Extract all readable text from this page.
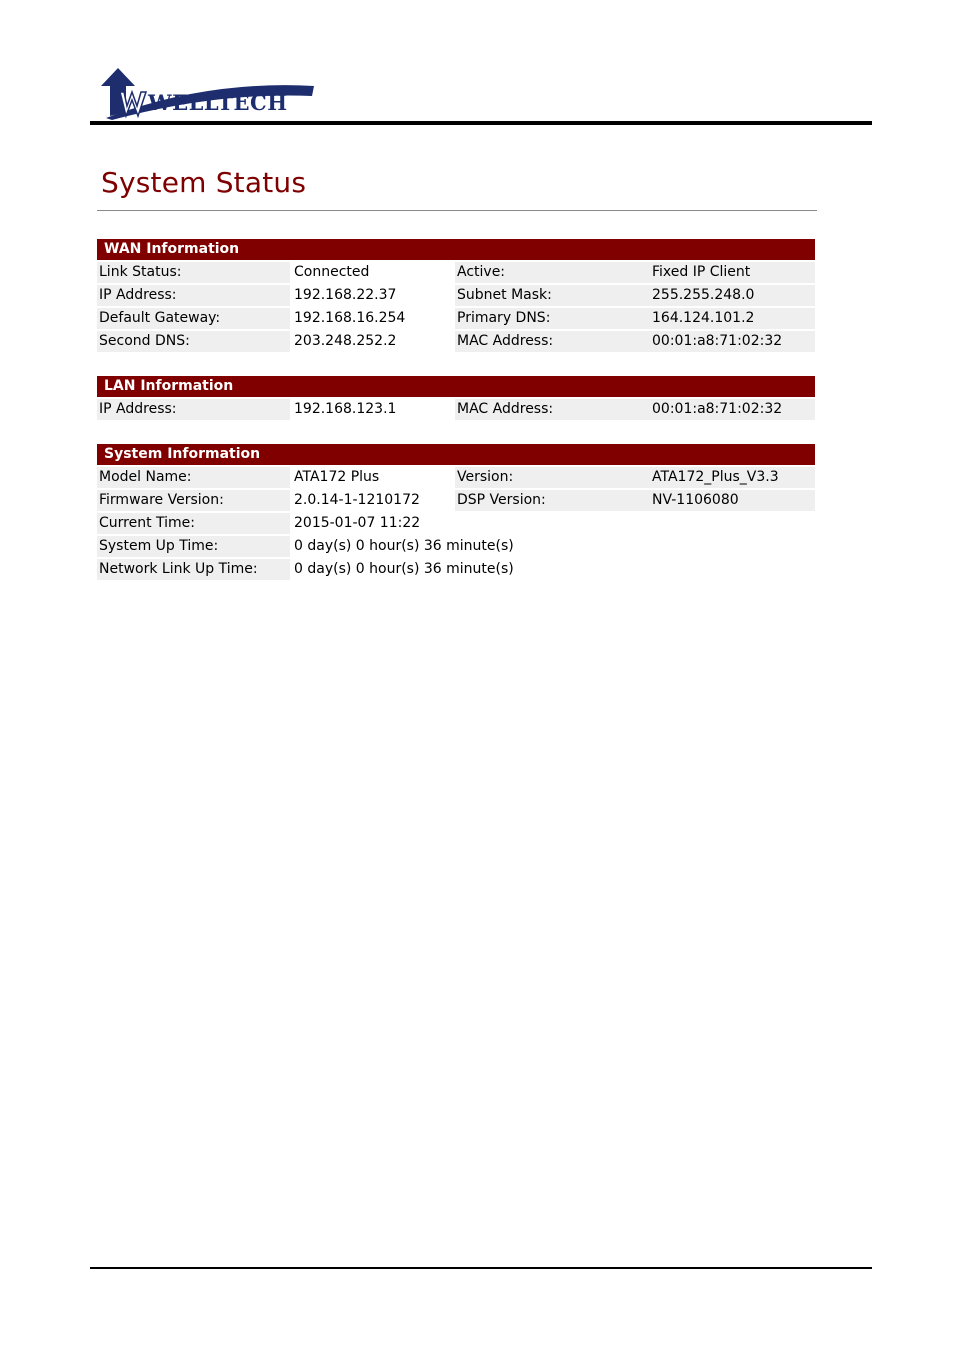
WELLTECH
System Status
WAN Information
Link Status:	Connected	Active:	Fixed IP Client
IP Address:	192.168.22.37	Subnet Mask:	255.255.248.0
Default Gateway:	192.168.16.254	Primary DNS:	164.124.101.2
Second DNS:	203.248.252.2	MAC Address:	00:01:a8:71:02:32
LAN Information
IP Address:	192.168.123.1	MAC Address:	00:01:a8:71:02:32
System Information
Model Name:	ATA172 Plus	Version:	ATA172_Plus_V3.3
Firmware Version:	2.0.14-1-1210172	DSP Version:	NV-1106080
Current Time:	2015-01-07 11:22
System Up Time:	0 day(s) 0 hour(s) 36 minute(s)
Network Link Up Time:	0 day(s) 0 hour(s) 36 minute(s)
